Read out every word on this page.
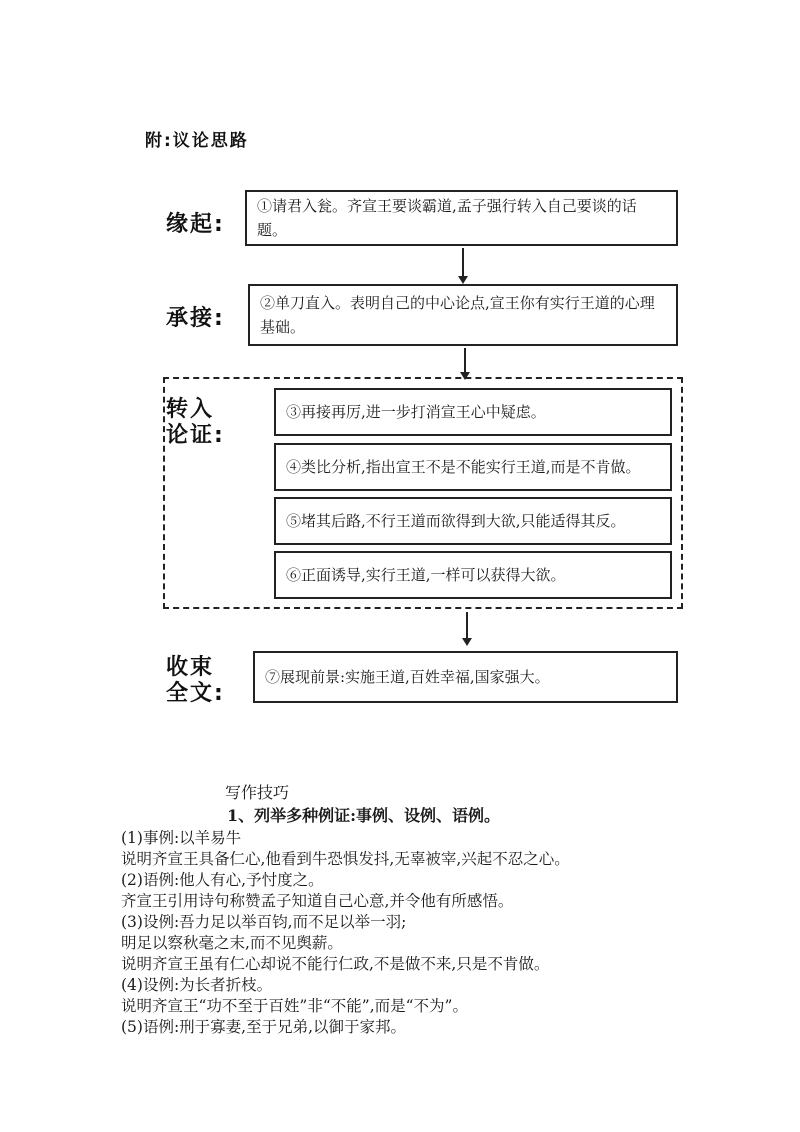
附:议论思路
缘起:
①请君入瓮。齐宣王要谈霸道,孟子强行转入自己要谈的话题。
承接:
②单刀直入。表明自己的中心论点,宣王你有实行王道的心理基础。
转入
论证:
③再接再厉,进一步打消宣王心中疑虑。
④类比分析,指出宣王不是不能实行王道,而是不肯做。
⑤堵其后路,不行王道而欲得到大欲,只能适得其反。
⑥正面诱导,实行王道,一样可以获得大欲。
收束
全文:
⑦展现前景:实施王道,百姓幸福,国家强大。
写作技巧
1、列举多种例证:事例、设例、语例。
(1)事例:以羊易牛
说明齐宣王具备仁心,他看到牛恐惧发抖,无辜被宰,兴起不忍之心。
(2)语例:他人有心,予忖度之。
齐宣王引用诗句称赞孟子知道自己心意,并令他有所感悟。
(3)设例:吾力足以举百钧,而不足以举一羽;
明足以察秋毫之末,而不见舆薪。
说明齐宣王虽有仁心却说不能行仁政,不是做不来,只是不肯做。
(4)设例:为长者折枝。
说明齐宣王“功不至于百姓”非“不能”,而是“不为”。
(5)语例:刑于寡妻,至于兄弟,以御于家邦。
